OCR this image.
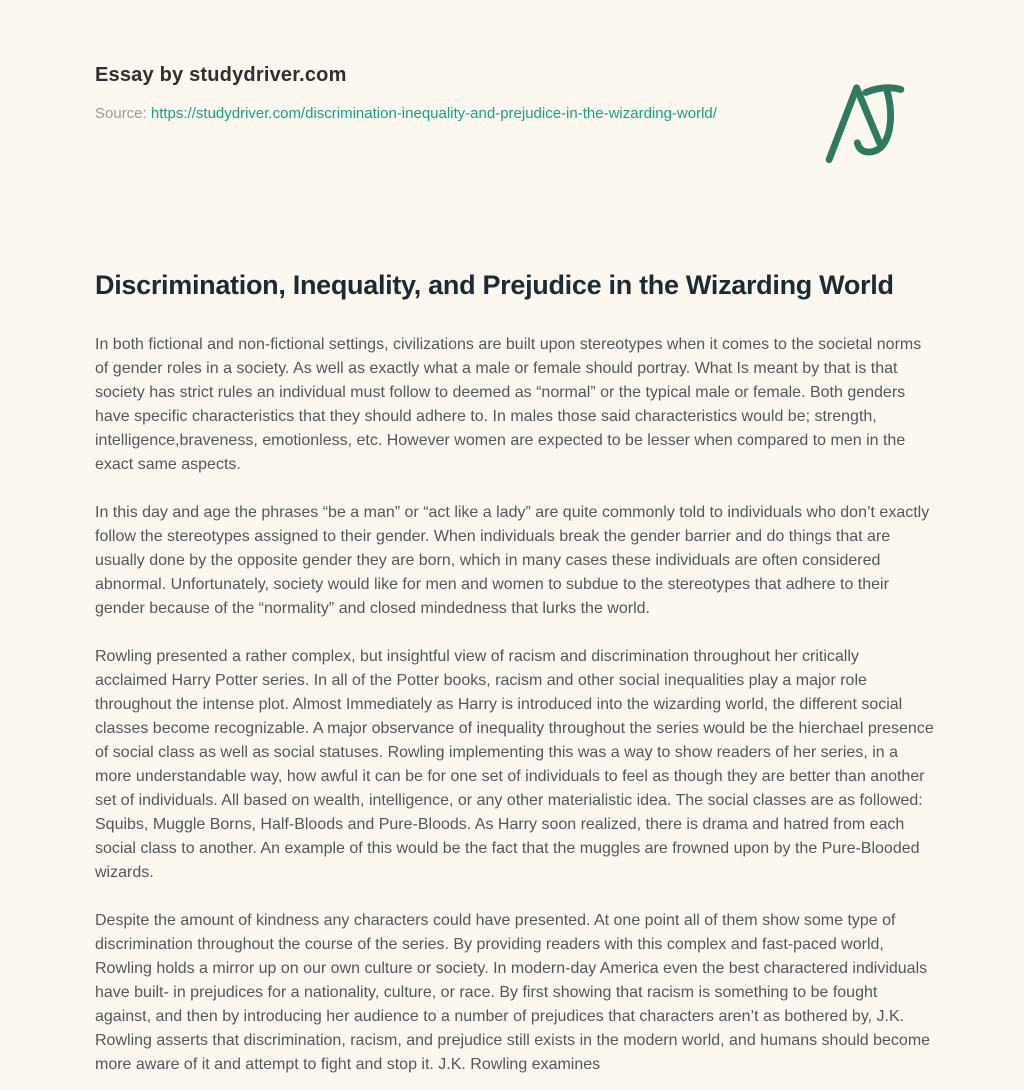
Essay by studydriver.com

Source: https://studydriver.com/discrimination-inequality-and-prejudice-in-the-wizarding-world/

Discrimination, Inequality, and Prejudice in the Wizarding World

In both fictional and non-fictional settings, civilizations are built upon stereotypes when it comes to the societal norms of gender roles in a society. As well as exactly what a male or female should portray. What Is meant by that is that society has strict rules an individual must follow to deemed as “normal” or the typical male or female. Both genders have specific characteristics that they should adhere to. In males those said characteristics would be; strength, intelligence,braveness, emotionless, etc. However women are expected to be lesser when compared to men in the exact same aspects.

In this day and age the phrases “be a man” or “act like a lady” are quite commonly told to individuals who don’t exactly follow the stereotypes assigned to their gender. When individuals break the gender barrier and do things that are usually done by the opposite gender they are born, which in many cases these individuals are often considered abnormal. Unfortunately, society would like for men and women to subdue to the stereotypes that adhere to their gender because of the “normality” and closed mindedness that lurks the world.

Rowling presented a rather complex, but insightful view of racism and discrimination throughout her critically acclaimed Harry Potter series. In all of the Potter books, racism and other social inequalities play a major role throughout the intense plot. Almost Immediately as Harry is introduced into the wizarding world, the different social classes become recognizable. A major observance of inequality throughout the series would be the hierchael presence of social class as well as social statuses. Rowling implementing this was a way to show readers of her series, in a more understandable way, how awful it can be for one set of individuals to feel as though they are better than another set of individuals. All based on wealth, intelligence, or any other materialistic idea. The social classes are as followed: Squibs, Muggle Borns, Half-Bloods and Pure-Bloods. As Harry soon realized, there is drama and hatred from each social class to another. An example of this would be the fact that the muggles are frowned upon by the Pure-Blooded wizards.

Despite the amount of kindness any characters could have presented. At one point all of them show some type of discrimination throughout the course of the series. By providing readers with this complex and fast-paced world, Rowling holds a mirror up on our own culture or society. In modern-day America even the best charactered individuals have built- in prejudices for a nationality, culture, or race. By first showing that racism is something to be fought against, and then by introducing her audience to a number of prejudices that characters aren’t as bothered by, J.K. Rowling asserts that discrimination, racism, and prejudice still exists in the modern world, and humans should become more aware of it and attempt to fight and stop it. J.K. Rowling examines
